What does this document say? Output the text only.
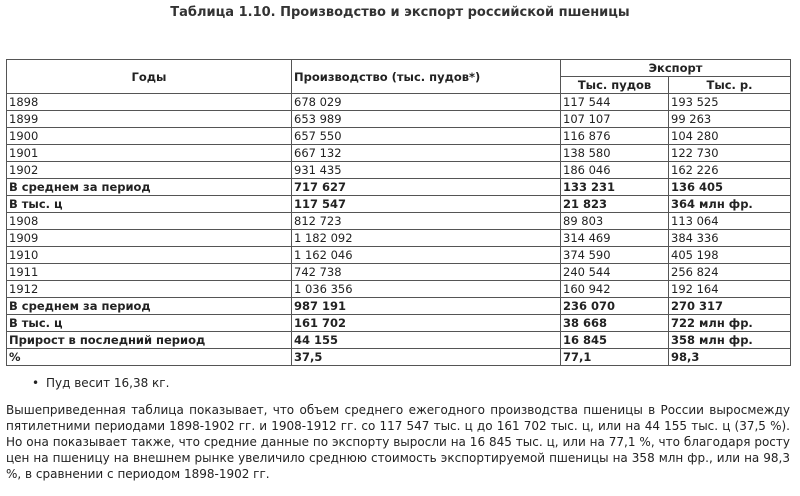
Таблица 1.10. Производство и экспорт российской пшеницы
Годы	Производство (тыс. пудов*)	Экспорт	
		Тыс. пудов	Тыс. р.
1898	678 029	117 544	193 525
1899	653 989	107 107	99 263
1900	657 550	116 876	104 280
1901	667 132	138 580	122 730
1902	931 435	186 046	162 226
В среднем за период	717 627	133 231	136 405
В тыс. ц	117 547	21 823	364 млн фр.
1908	812 723	89 803	113 064
1909	1 182 092	314 469	384 336
1910	1 162 046	374 590	405 198
1911	742 738	240 544	256 824
1912	1 036 356	160 942	192 164
В среднем за период	987 191	236 070	270 317
В тыс. ц	161 702	38 668	722 млн фр.
Прирост в последний период	44 155	16 845	358 млн фр.
%	37,5	77,1	98,3
• Пуд весит 16,38 кг.
Вышеприведенная таблица показывает, что объем среднего ежегодного производства пшеницы в России выросмежду пятилетними периодами 1898-1902 гг. и 1908-1912 гг. со 117 547 тыс. ц до 161 702 тыс. ц, или на 44 155 тыс. ц (37,5 %). Но она показывает также, что средние данные по экспорту выросли на 16 845 тыс. ц, или на 77,1 %, что благодаря росту цен на пшеницу на внешнем рынке увеличило среднюю стоимость экспортируемой пшеницы на 358 млн фр., или на 98,3 %, в сравнении с периодом 1898-1902 гг.
